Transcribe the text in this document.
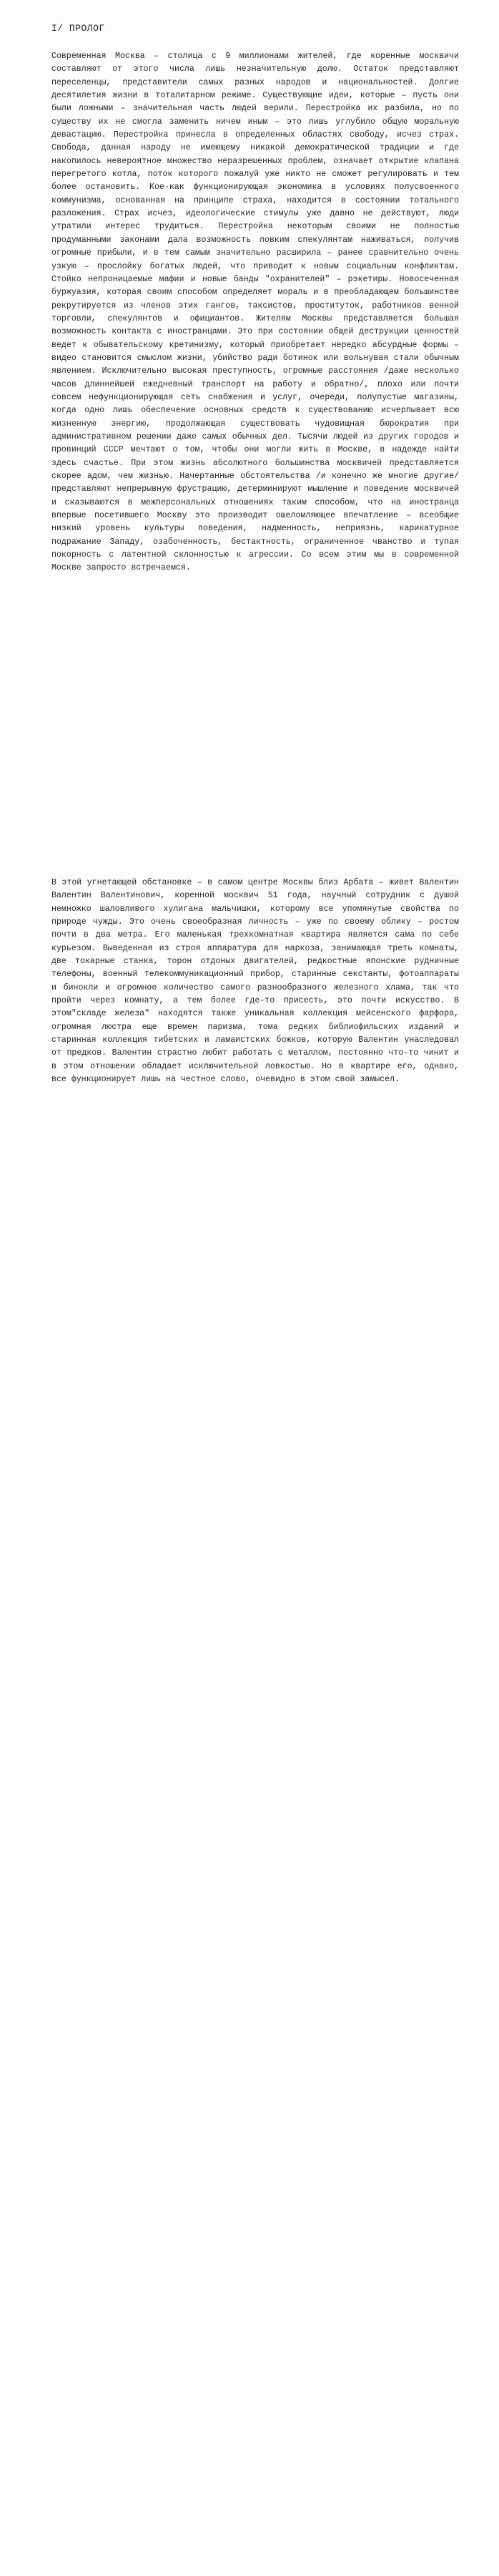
I/ ПРОЛОГ

Современная Москва – столица с 9 миллионами жителей, где коренные москвичи составляют от этого числа лишь незначительную долю. Остаток представляют переселенцы, представители самых разных народов и национальностей. Долгие десятилетия жизни в тоталитарном режиме. Существующие идеи, которые – пусть они были ложными – значительная часть людей верили. Перестройка их разбила, но по существу их не смогла заменить ничем иным – это лишь углубило общую моральную девастацию. Перестройка принесла в определенных областях свободу, исчез страх. Свобода, данная народу не имеющему никакой демократической традиции и где накопилось невероятное множество неразрешенных проблем, означает открытие клапана перегретого котла, поток которого пожалуй уже никто не сможет регулировать и тем более остановить. Кое-как функционирующая экономика в условиях полусвоенного коммунизма, основанная на принципе страха, находится в состоянии тотального разложения. Страх исчез, идеологические стимулы уже давно не действуют, люди утратили интерес трудиться. Перестройка некоторым своими не полностью продуманными законами дала возможность ловким спекулянтам наживаться, получив огромные прибыли, и в тем самым значительно расширила – ранее сравнительно очень узкую – прослойку богатых людей, что приводит к новым социальным конфликтам. Стойко непроницаемые мафии и новые банды "охранителей" – рэкетиры. Новосеченная буржуазия, которая своим способом определяет мораль и в преобладающем большинстве рекрутируется из членов этих гангов, таксистов, проституток, работников венной торговли, спекулянтов и официантов. Жителям Москвы представляется большая возможность контакта с иностранцами. Это при состоянии общей деструкции ценностей ведет к обывательскому кретинизму, который приобретает нередко абсурдные формы – видео становится смыслом жизни, убийство ради ботинок или вольнувая стали обычным явлением. Исключительно высокая преступность, огромные расстояния /даже несколько часов длиннейшей ежедневный транспорт на работу и обратно/, плохо или почти совсем нефункционирующая сеть снабжения и услуг, очереди, полупустые магазины, когда одно лишь обеспечение основных средств к существованию исчерпывает всю жизненную энергию, продолжающая существовать чудовищная бюрократия при административном решении даже самых обычных дел. Тысячи людей из других городов и провинций СССР мечтают о том, чтобы они могли жить в Москве, в надежде найти здесь счастье. При этом жизнь абсолютного большинства москвичей представляется скорее адом, чем жизнью. Начертанные обстоятельства /и конечно же многие другие/ представляют непрерывную фрустрацию, детерминируют мышление и поведение москвичей и сказываются в межперсональных отношениях таким способом, что на иностранца впервые посетившего Москву это производит ошеломляющее впечатление – всеобщие низкий уровень культуры поведения, надменность, неприязнь, карикатурное подражание Западу, озабоченность, бестактность, ограниченное чванство и тупая покорность с латентной склонностью к агрессии. Со всем этим мы в современной Москве запросто встречаемся.

В этой угнетающей обстановке – в самом центре Москвы близ Арбата – живет Валентин Валентин Валентинович, коренной москвич 51 года, научный сотрудник с душой немножко шаловливого хулигана мальчишки, которому все упомянутые свойства по природе чужды. Это очень своеобразная личность – уже по своему облику – ростом почти в два метра. Его маленькая трехкомнатная квартира является сама по себе курьезом. Выведенная из строя аппаратура для наркоза, занимающая треть комнаты, две токарные станка, торон отдоных двигателей, редкостные японские рудничные телефоны, военный телекоммуникационный прибор, старинные секстанты, фотоаппараты и бинокли и огромное количество самого разнообразного железного хлама, так что пройти через комнату, а тем более где-то присесть, это почти искусство. В этом"складе железа" находятся также уникальная коллекция мейсенского фарфора, огромная люстра еще времен паризма, тома редких библиофильских изданий и старинная коллекция тибетских и ламаистских божков, которую Валентин унаследовал от предков. Валентин страстно любит работать с металлом, постоянно что-то чинит и в этом отношении обладает исключительной ловкостью. Но в квартире его, однако, все функционирует лишь на честное слово, очевидно в этом свой замысел.
